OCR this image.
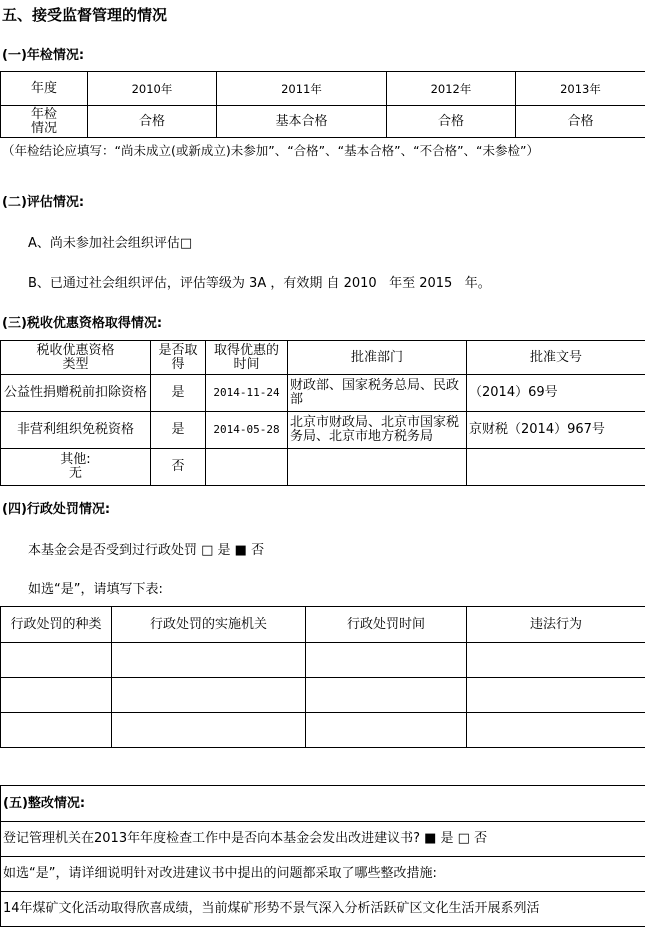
五、接受监督管理的情况
(一)年检情况:
年度	2010年	2011年	2012年	2013年
年检情况	合格	基本合格	合格	合格
（年检结论应填写：“尚未成立(或新成立)未参加”、“合格”、“基本合格”、“不合格”、“未参检”）
(二)评估情况:
A、尚未参加社会组织评估□
B、已通过社会组织评估，评估等级为 3A ，有效期 自 2010   年至 2015   年。
(三)税收优惠资格取得情况:
税收优惠资格类型	是否取得	取得优惠的时间	批准部门	批准文号
公益性捐赠税前扣除资格	是	2014-11-24	财政部、国家税务总局、民政部	（2014）69号
非营利组织免税资格	是	2014-05-28	北京市财政局、北京市国家税务局、北京市地方税务局	京财税（2014）967号
其他:无	否			
(四)行政处罚情况:
本基金会是否受到过行政处罚 □ 是 ■ 否
如选“是”，请填写下表:
行政处罚的种类	行政处罚的实施机关	行政处罚时间	违法行为

(五)整改情况:
登记管理机关在2013年年度检查工作中是否向本基金会发出改进建议书? ■ 是 □ 否
如选“是”，请详细说明针对改进建议书中提出的问题都采取了哪些整改措施:
14年煤矿文化活动取得欣喜成绩，当前煤矿形势不景气深入分析活跃矿区文化生活开展系列活
